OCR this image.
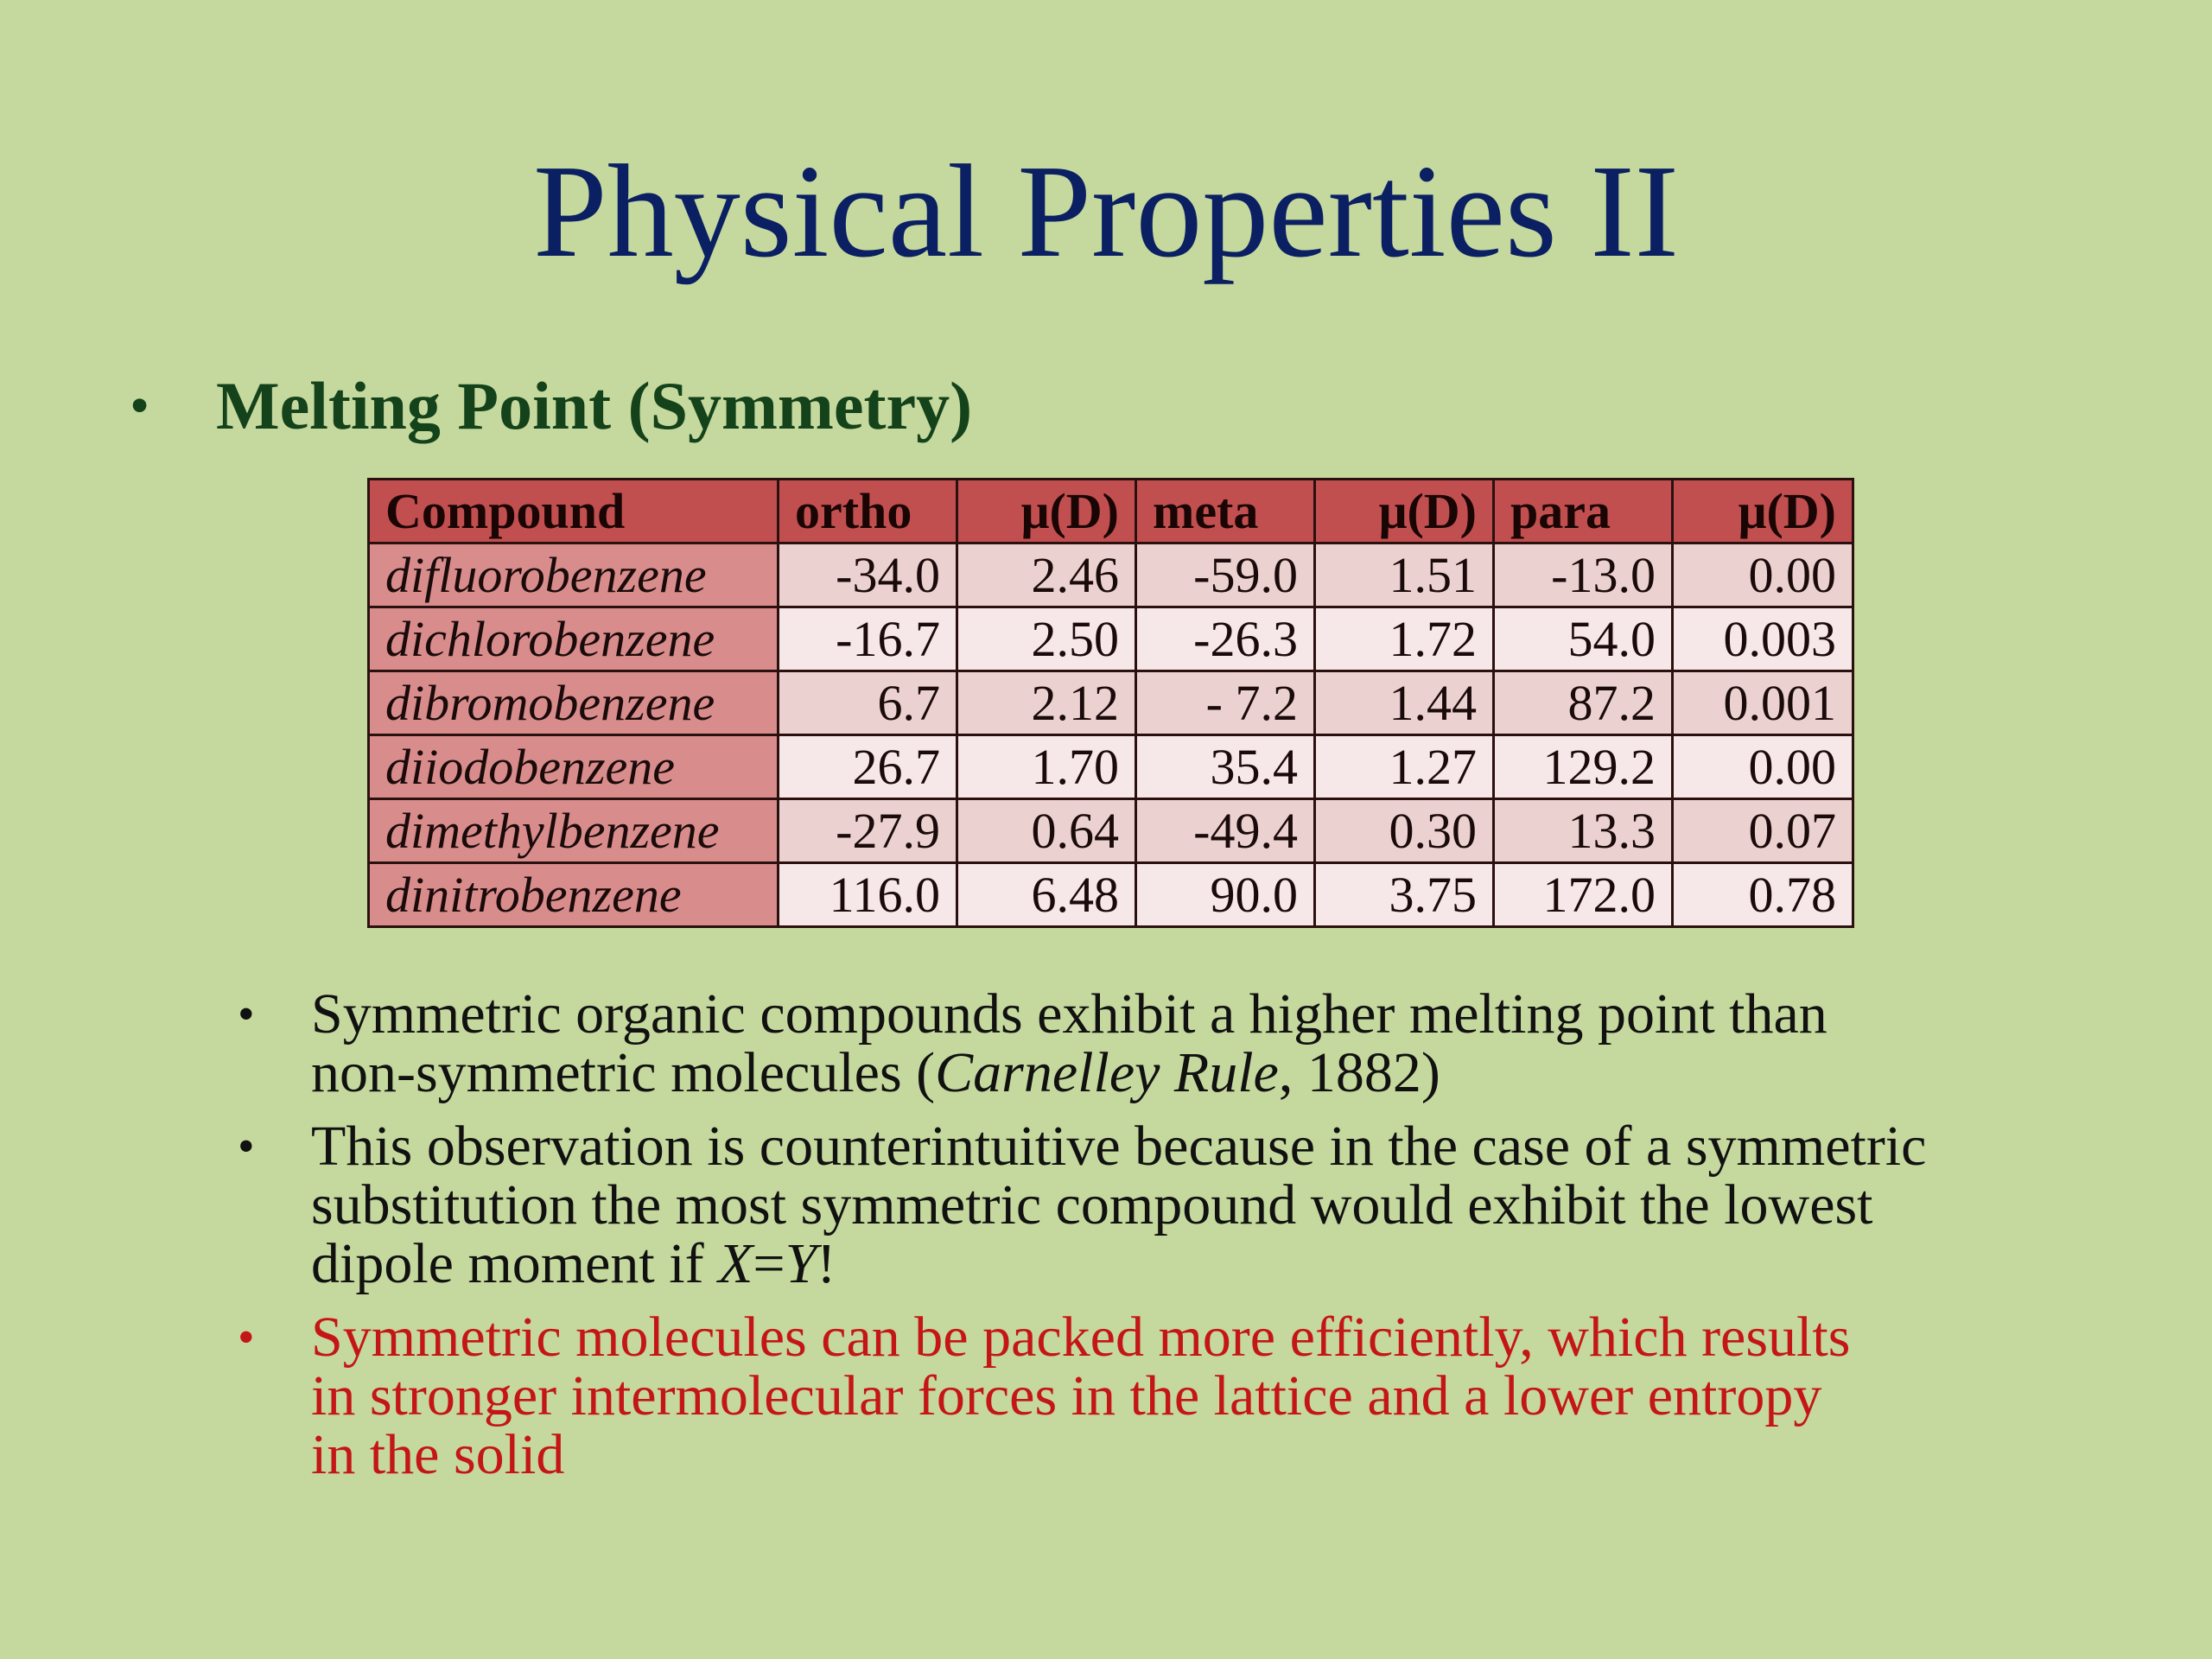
Physical Properties II
• Melting Point (Symmetry)
Compound	ortho	μ(D)	meta	μ(D)	para	μ(D)
difluorobenzene	-34.0	2.46	-59.0	1.51	-13.0	0.00
dichlorobenzene	-16.7	2.50	-26.3	1.72	54.0	0.003
dibromobenzene	6.7	2.12	- 7.2	1.44	87.2	0.001
diiodobenzene	26.7	1.70	35.4	1.27	129.2	0.00
dimethylbenzene	-27.9	0.64	-49.4	0.30	13.3	0.07
dinitrobenzene	116.0	6.48	90.0	3.75	172.0	0.78
• Symmetric organic compounds exhibit a higher melting point than
non-symmetric molecules (Carnelley Rule, 1882)
• This observation is counterintuitive because in the case of a symmetric
substitution the most symmetric compound would exhibit the lowest
dipole moment if X=Y!
• Symmetric molecules can be packed more efficiently, which results
in stronger intermolecular forces in the lattice and a lower entropy
in the solid
